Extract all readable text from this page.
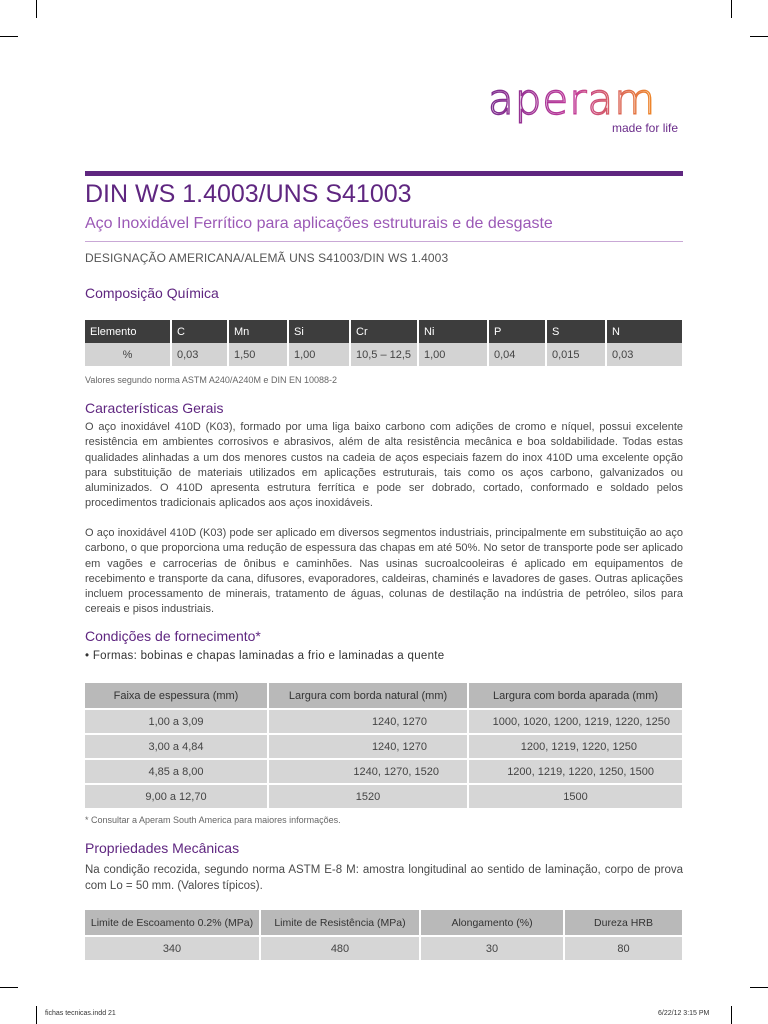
aperam
made for life
DIN WS 1.4003/UNS S41003
Aço Inoxidável Ferrítico para aplicações estruturais e de desgaste
DESIGNAÇÃO AMERICANA/ALEMÃ UNS S41003/DIN WS 1.4003
Composição Química
Elemento	C	Mn	Si	Cr	Ni	P	S	N
%	0,03	1,50	1,00	10,5 – 12,5	1,00	0,04	0,015	0,03
Valores segundo norma ASTM A240/A240M e DIN EN 10088-2
Características Gerais
O aço inoxidável 410D (K03), formado por uma liga baixo carbono com adições de cromo e níquel, possui excelente resistência em ambientes corrosivos e abrasivos, além de alta resistência mecânica e boa soldabilidade. Todas estas qualidades alinhadas a um dos menores custos na cadeia de aços especiais fazem do inox 410D uma excelente opção para substituição de materiais utilizados em aplicações estruturais, tais como os aços carbono, galvanizados ou aluminizados. O 410D apresenta estrutura ferrítica e pode ser dobrado, cortado, conformado e soldado pelos procedimentos tradicionais aplicados aos aços inoxidáveis.
O aço inoxidável 410D (K03) pode ser aplicado em diversos segmentos industriais, principalmente em substituição ao aço carbono, o que proporciona uma redução de espessura das chapas em até 50%. No setor de transporte pode ser aplicado em vagões e carrocerias de ônibus e caminhões. Nas usinas sucroalcooleiras é aplicado em equipamentos de recebimento e transporte da cana, difusores, evaporadores, caldeiras, chaminés e lavadores de gases. Outras aplicações incluem processamento de minerais, tratamento de águas, colunas de destilação na indústria de petróleo, silos para cereais e pisos industriais.
Condições de fornecimento*
• Formas: bobinas e chapas laminadas a frio e laminadas a quente
Faixa de espessura (mm)	Largura com borda natural (mm)	Largura com borda aparada (mm)
1,00 a 3,09	1240, 1270	1000, 1020, 1200, 1219, 1220, 1250
3,00 a 4,84	1240, 1270	1200, 1219, 1220, 1250
4,85 a 8,00	1240, 1270, 1520	1200, 1219, 1220, 1250, 1500
9,00 a 12,70	1520	1500
* Consultar a Aperam South America para maiores informações.
Propriedades Mecânicas
Na condição recozida, segundo norma ASTM E-8 M: amostra longitudinal ao sentido de laminação, corpo de prova com Lo = 50 mm. (Valores típicos).
Limite de Escoamento 0.2% (MPa)	Limite de Resistência (MPa)	Alongamento (%)	Dureza HRB
340	480	30	80
fichas tecnicas.indd 21	6/22/12 3:15 PM
